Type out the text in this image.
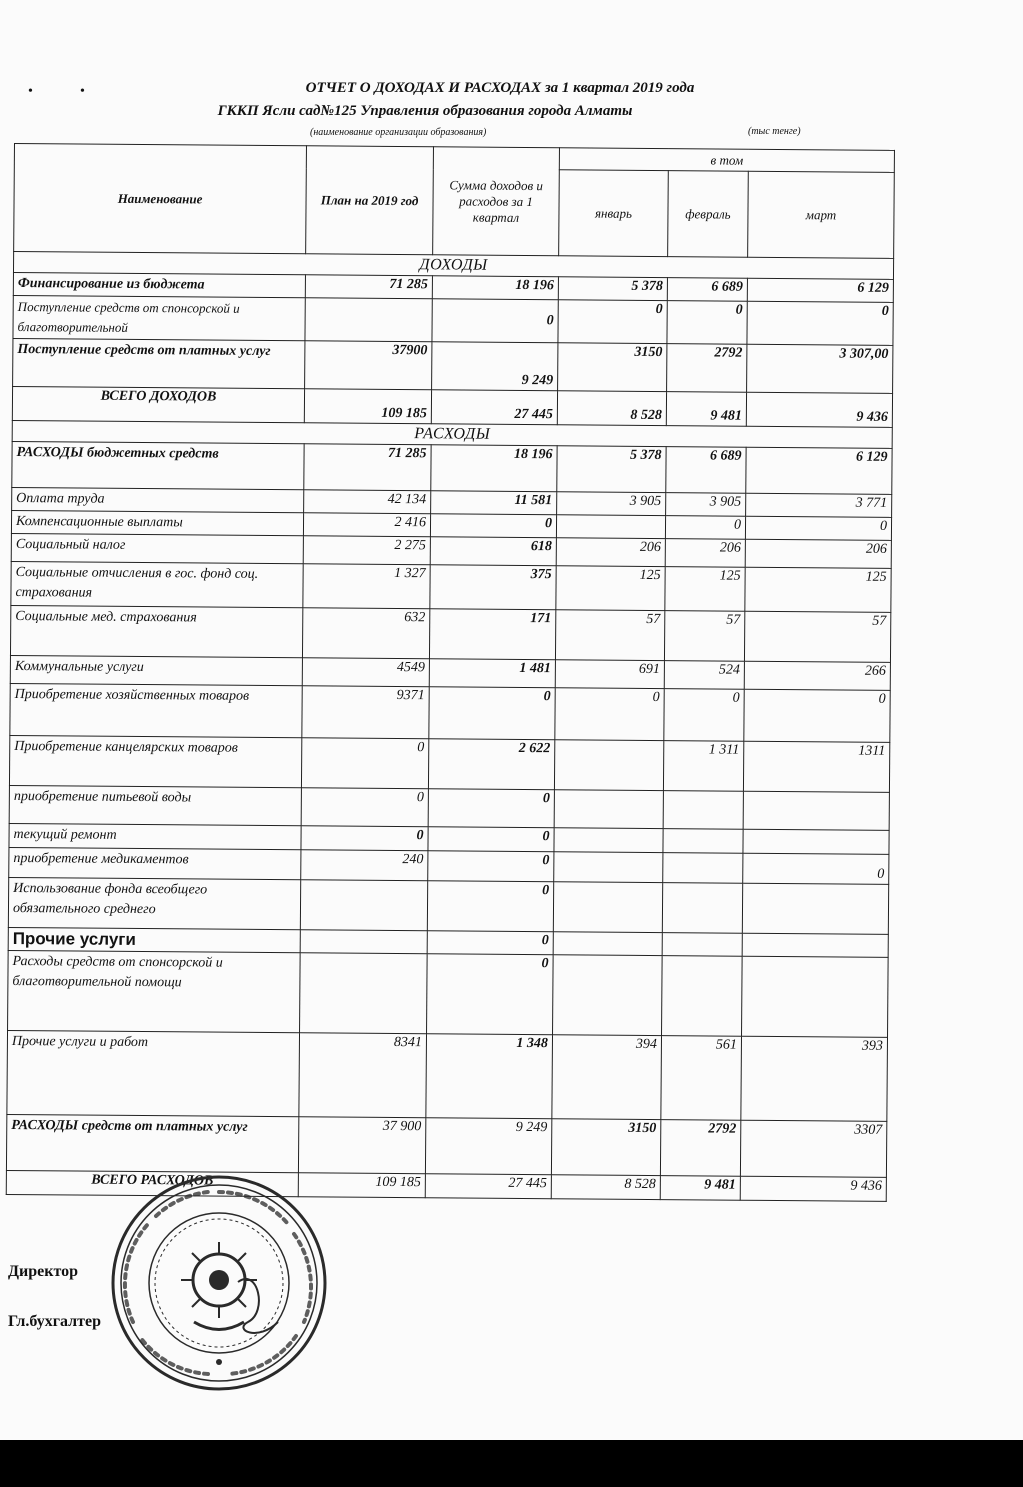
•	•	ОТЧЕТ О ДОХОДАХ И РАСХОДАХ за 1 квартал 2019 года
ГККП Ясли сад№125 Управления образования города Алматы
(наименование организации образования)	(тыс тенге)
Наименование	План на 2019 год	Сумма доходов и расходов за 1 квартал	в том		
			январь	февраль	март
ДОХОДЫ					
Финансирование из бюджета	71 285	18 196	5 378	6 689	6 129
Поступление средств от спонсорской и благотворительной		0	0	0	0
Поступление средств от платных услуг	37900	9 249	3150	2792	3 307,00
ВСЕГО ДОХОДОВ	109 185	27 445	8 528	9 481	9 436
РАСХОДЫ					
РАСХОДЫ бюджетных средств	71 285	18 196	5 378	6 689	6 129
Оплата труда	42 134	11 581	3 905	3 905	3 771
Компенсационные выплаты	2 416	0		0	0
Социальный налог	2 275	618	206	206	206
Социальные отчисления в гос. фонд соц. страхования	1 327	375	125	125	125
Социальные мед. страхования	632	171	57	57	57
Коммунальные услуги	4549	1 481	691	524	266
Приобретение хозяйственных товаров	9371	0	0	0	0
Приобретение канцелярских товаров	0	2 622		1 311	1311
приобретение питьевой воды	0	0			
текущий ремонт	0	0			
приобретение медикаментов	240	0			0
Использование фонда всеобщего обязательного среднего		0			
Прочие услуги		0			
Расходы средств от спонсорской и благотворительной помощи		0			
Прочие услуги и работ	8341	1 348	394	561	393
РАСХОДЫ средств от платных услуг	37 900	9 249	3150	2792	3307
ВСЕГО РАСХОДОВ	109 185	27 445	8 528	9 481	9 436
Директор
Гл.бухгалтер
